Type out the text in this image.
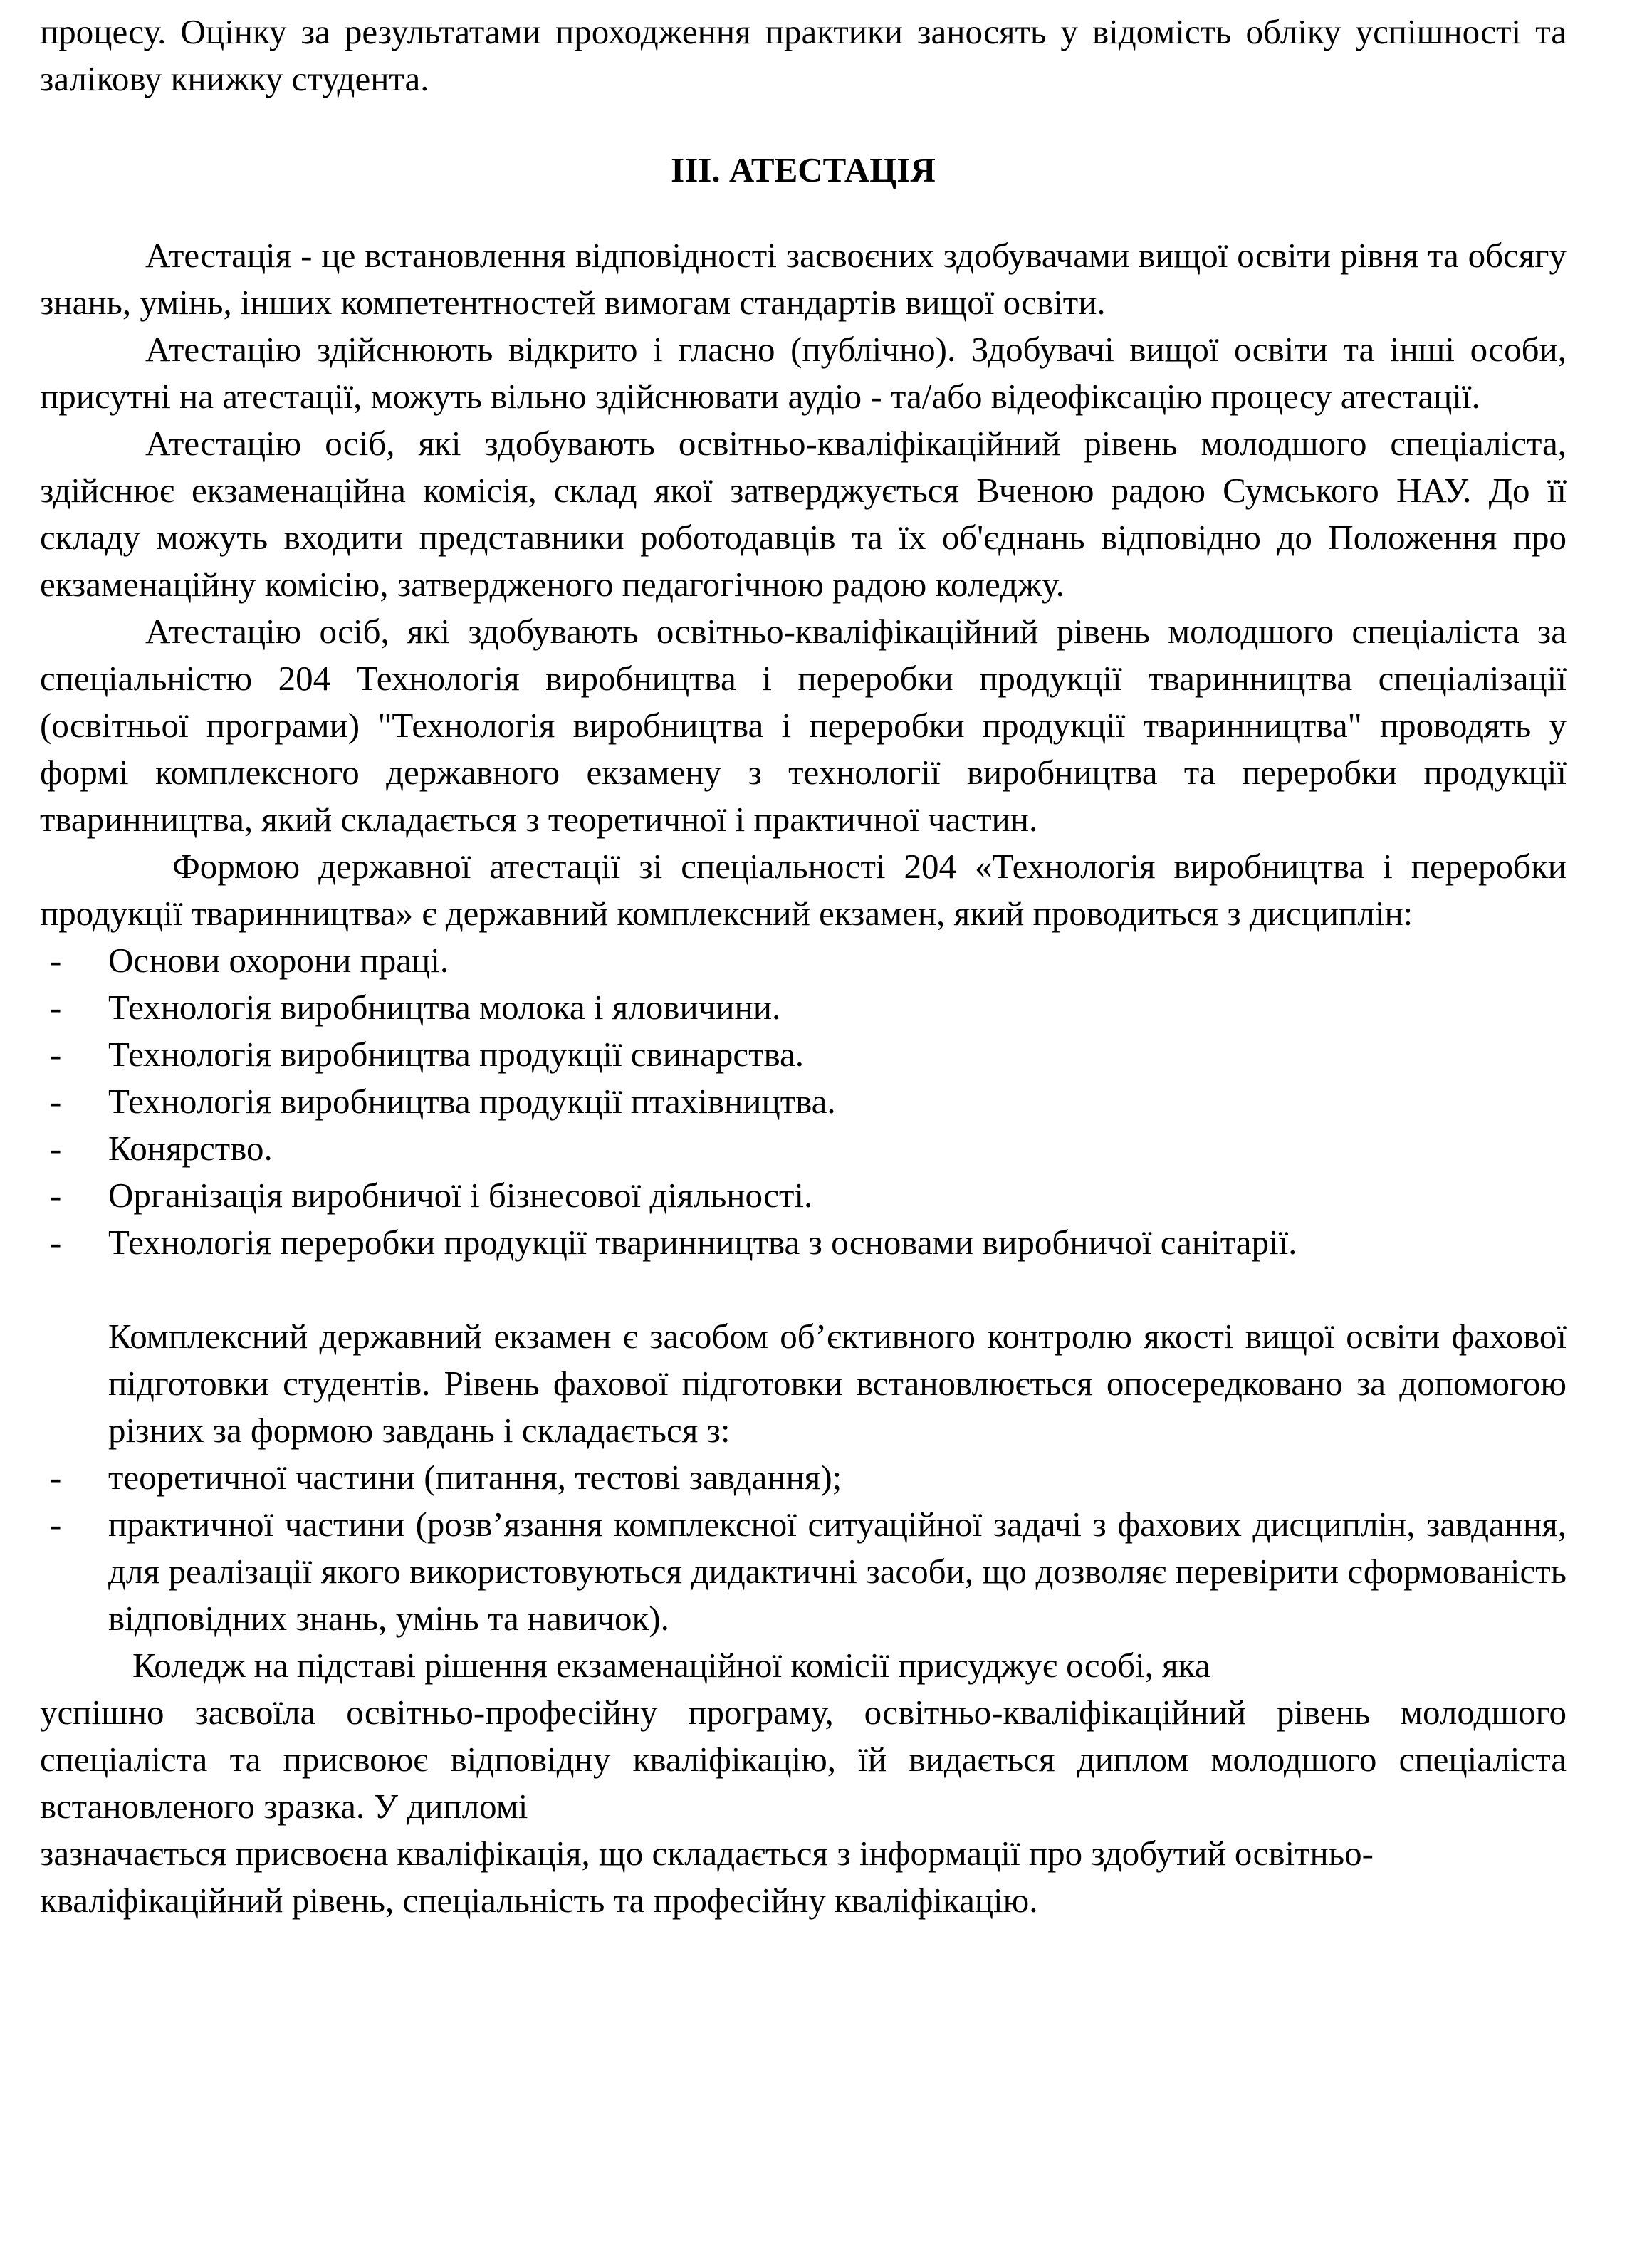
процесу. Оцінку за результатами проходження практики заносять у відомість обліку успішності та залікову книжку студента.

ІІІ. АТЕСТАЦІЯ

Атестація - це встановлення відповідності засвоєних здобувачами вищої освіти рівня та обсягу знань, умінь, інших компетентностей вимогам стандартів вищої освіти.

Атестацію здійснюють відкрито і гласно (публічно). Здобувачі вищої освіти та інші особи, присутні на атестації, можуть вільно здійснювати аудіо - та/або відеофіксацію процесу атестації.

Атестацію осіб, які здобувають освітньо-кваліфікаційний рівень молодшого спеціаліста, здійснює екзаменаційна комісія, склад якої затверджується Вченою радою Сумського НАУ. До її складу можуть входити представники роботодавців та їх об'єднань відповідно до Положення про екзаменаційну комісію, затвердженого педагогічною радою коледжу.

Атестацію осіб, які здобувають освітньо-кваліфікаційний рівень молодшого спеціаліста за спеціальністю 204 Технологія виробництва і переробки продукції тваринництва спеціалізації (освітньої програми) "Технологія виробництва і переробки продукції тваринництва" проводять у формі комплексного державного екзамену з технології виробництва та переробки продукції тваринництва, який складається з теоретичної і практичної частин.

Формою державної атестації зі спеціальності 204 «Технологія виробництва і переробки продукції тваринництва» є державний комплексний екзамен, який проводиться з дисциплін:

- Основи охорони праці.
- Технологія виробництва молока і яловичини.
- Технологія виробництва продукції свинарства.
- Технологія виробництва продукції птахівництва.
- Конярство.
- Організація виробничої і бізнесової діяльності.
- Технологія переробки продукції тваринництва з основами виробничої санітарії.

Комплексний державний екзамен є засобом об’єктивного контролю якості вищої освіти фахової підготовки студентів. Рівень фахової підготовки встановлюється опосередковано за допомогою різних за формою завдань і складається з:

- теоретичної частини (питання, тестові завдання);
- практичної частини (розв’язання комплексної ситуаційної задачі з фахових дисциплін, завдання, для реалізації якого використовуються дидактичні засоби, що дозволяє перевірити сформованість відповідних знань, умінь та навичок).

Коледж на підставі рішення екзаменаційної комісії присуджує особі, яка

успішно засвоїла освітньо-професійну програму, освітньо-кваліфікаційний рівень молодшого спеціаліста та присвоює відповідну кваліфікацію, їй видається диплом молодшого спеціаліста встановленого зразка. У дипломі

зазначається присвоєна кваліфікація, що складається з інформації про здобутий освітньо-кваліфікаційний рівень, спеціальність та професійну кваліфікацію.
